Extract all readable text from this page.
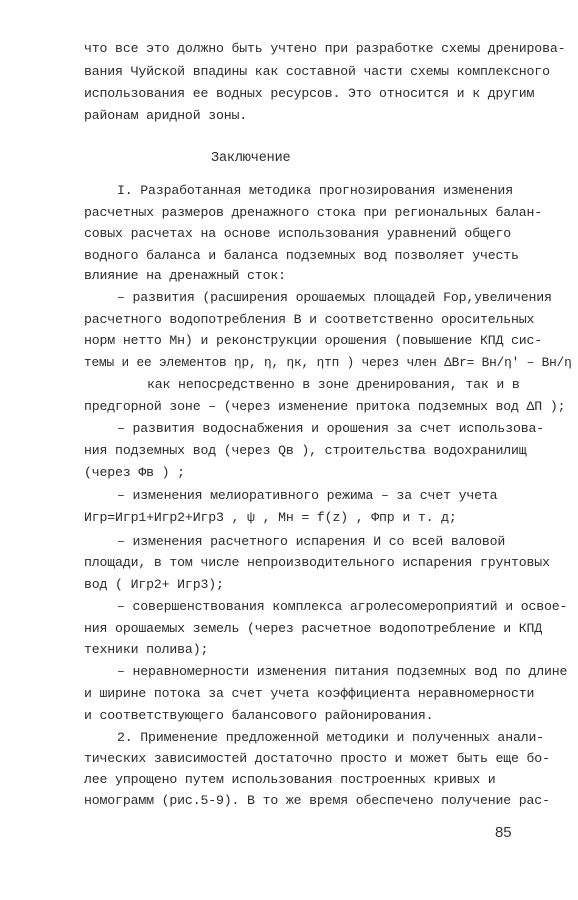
что все это должно быть учтено при разработке схемы дренирова-

вания Чуйской впадины как составной части схемы комплексного

использования ее водных ресурсов. Это относится и к другим

районам аридной зоны.

Заключение

I. Разработанная методика прогнозирования изменения

расчетных размеров дренажного стока при региональных балан-

совых расчетах на основе использования уравнений общего

водного баланса и баланса подземных вод позволяет учесть

влияние на дренажный сток:

– развития (расширения орошаемых площадей Fор,увеличения

расчетного водопотребления В и соответственно оросительных

норм нетто Мн) и реконструкции орошения (повышение КПД сис-

темы и ее элементов ηр, η, ηк, ηтп ) через член ΔBr= Bн/ηʹ – Bн/η

как непосредственно в зоне дренирования, так и в

предгорной зоне – (через изменение притока подземных вод ΔП );

– развития водоснабжения и орошения за счет использова-

ния подземных вод (через Qв ), строительства водохранилищ

(через Фв ) ;

– изменения мелиоративного режима – за счет учета

Игр=Игр1+Игр2+Игр3 , ψ , Мн = f(z) , Фпр и т. д;

– изменения расчетного испарения И со всей валовой

площади, в том числе непроизводительного испарения грунтовых

вод ( Игр2+ Игр3);

– совершенствования комплекса агролесомероприятий и освое-

ния орошаемых земель (через расчетное водопотребление и КПД

техники полива);

– неравномерности изменения питания подземных вод по длине

и ширине потока за счет учета коэффициента неравномерности

и соответствующего балансового районирования.

2. Применение предложенной методики и полученных анали-

тических зависимостей достаточно просто и может быть еще бо-

лее упрощено путем использования построенных кривых и

номограмм (рис.5-9). В то же время обеспечено получение рас-

85
